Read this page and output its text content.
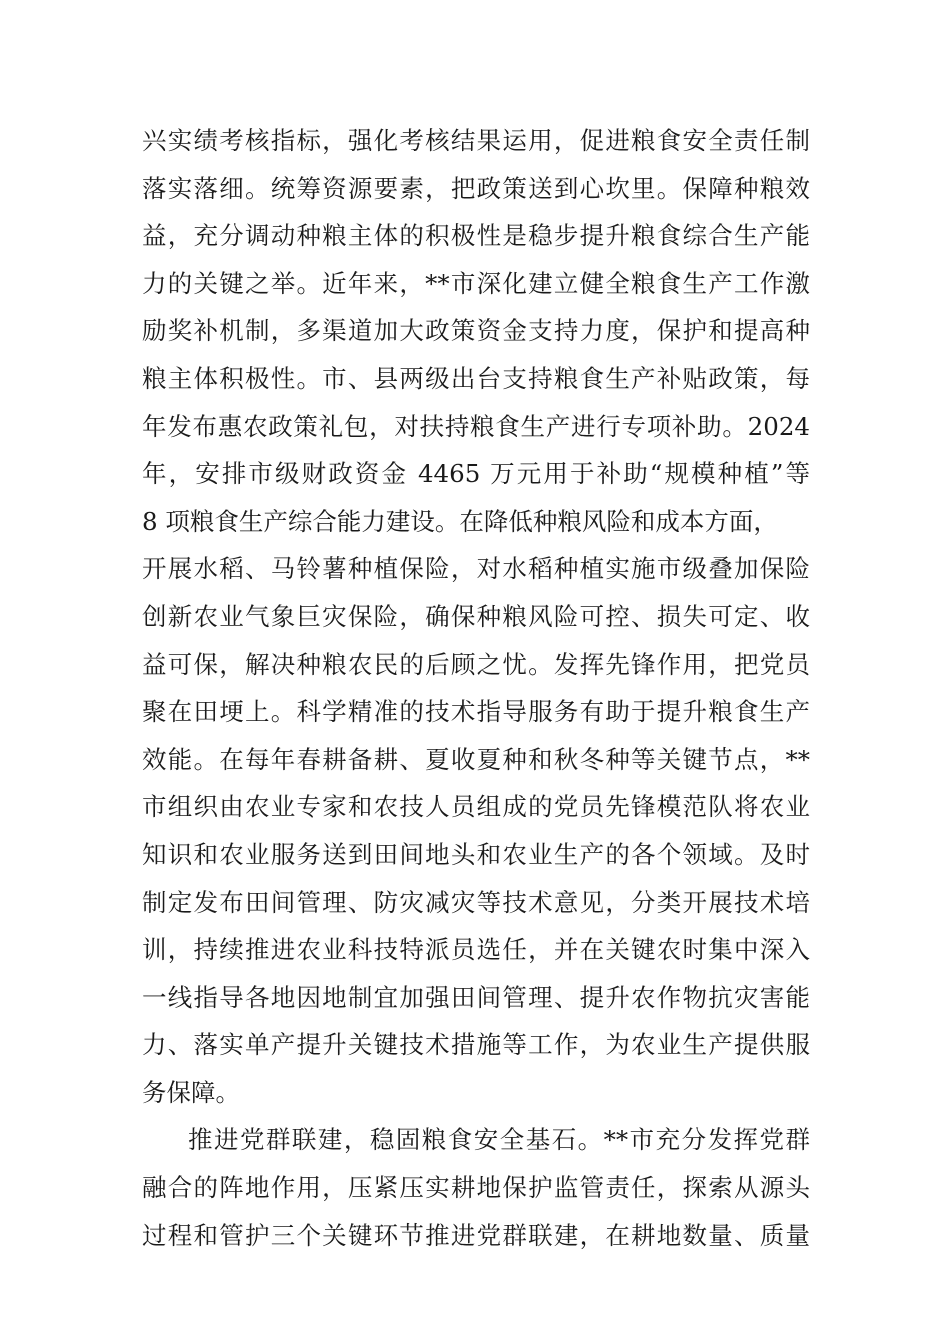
兴实绩考核指标，强化考核结果运用，促进粮食安全责任制
落实落细。统筹资源要素，把政策送到心坎里。保障种粮效
益，充分调动种粮主体的积极性是稳步提升粮食综合生产能
力的关键之举。近年来，**市深化建立健全粮食生产工作激
励奖补机制，多渠道加大政策资金支持力度，保护和提高种
粮主体积极性。市、县两级出台支持粮食生产补贴政策，每
年发布惠农政策礼包，对扶持粮食生产进行专项补助。2024
年，安排市级财政资金 4465 万元用于补助“规模种植”等
8 项粮食生产综合能力建设。在降低种粮风险和成本方面，
开展水稻、马铃薯种植保险，对水稻种植实施市级叠加保险
创新农业气象巨灾保险，确保种粮风险可控、损失可定、收
益可保，解决种粮农民的后顾之忧。发挥先锋作用，把党员
聚在田埂上。科学精准的技术指导服务有助于提升粮食生产
效能。在每年春耕备耕、夏收夏种和秋冬种等关键节点，**
市组织由农业专家和农技人员组成的党员先锋模范队将农业
知识和农业服务送到田间地头和农业生产的各个领域。及时
制定发布田间管理、防灾减灾等技术意见，分类开展技术培
训，持续推进农业科技特派员选任，并在关键农时集中深入
一线指导各地因地制宜加强田间管理、提升农作物抗灾害能
力、落实单产提升关键技术措施等工作，为农业生产提供服
务保障。
推进党群联建，稳固粮食安全基石。**市充分发挥党群
融合的阵地作用，压紧压实耕地保护监管责任，探索从源头
过程和管护三个关键环节推进党群联建，在耕地数量、质量
